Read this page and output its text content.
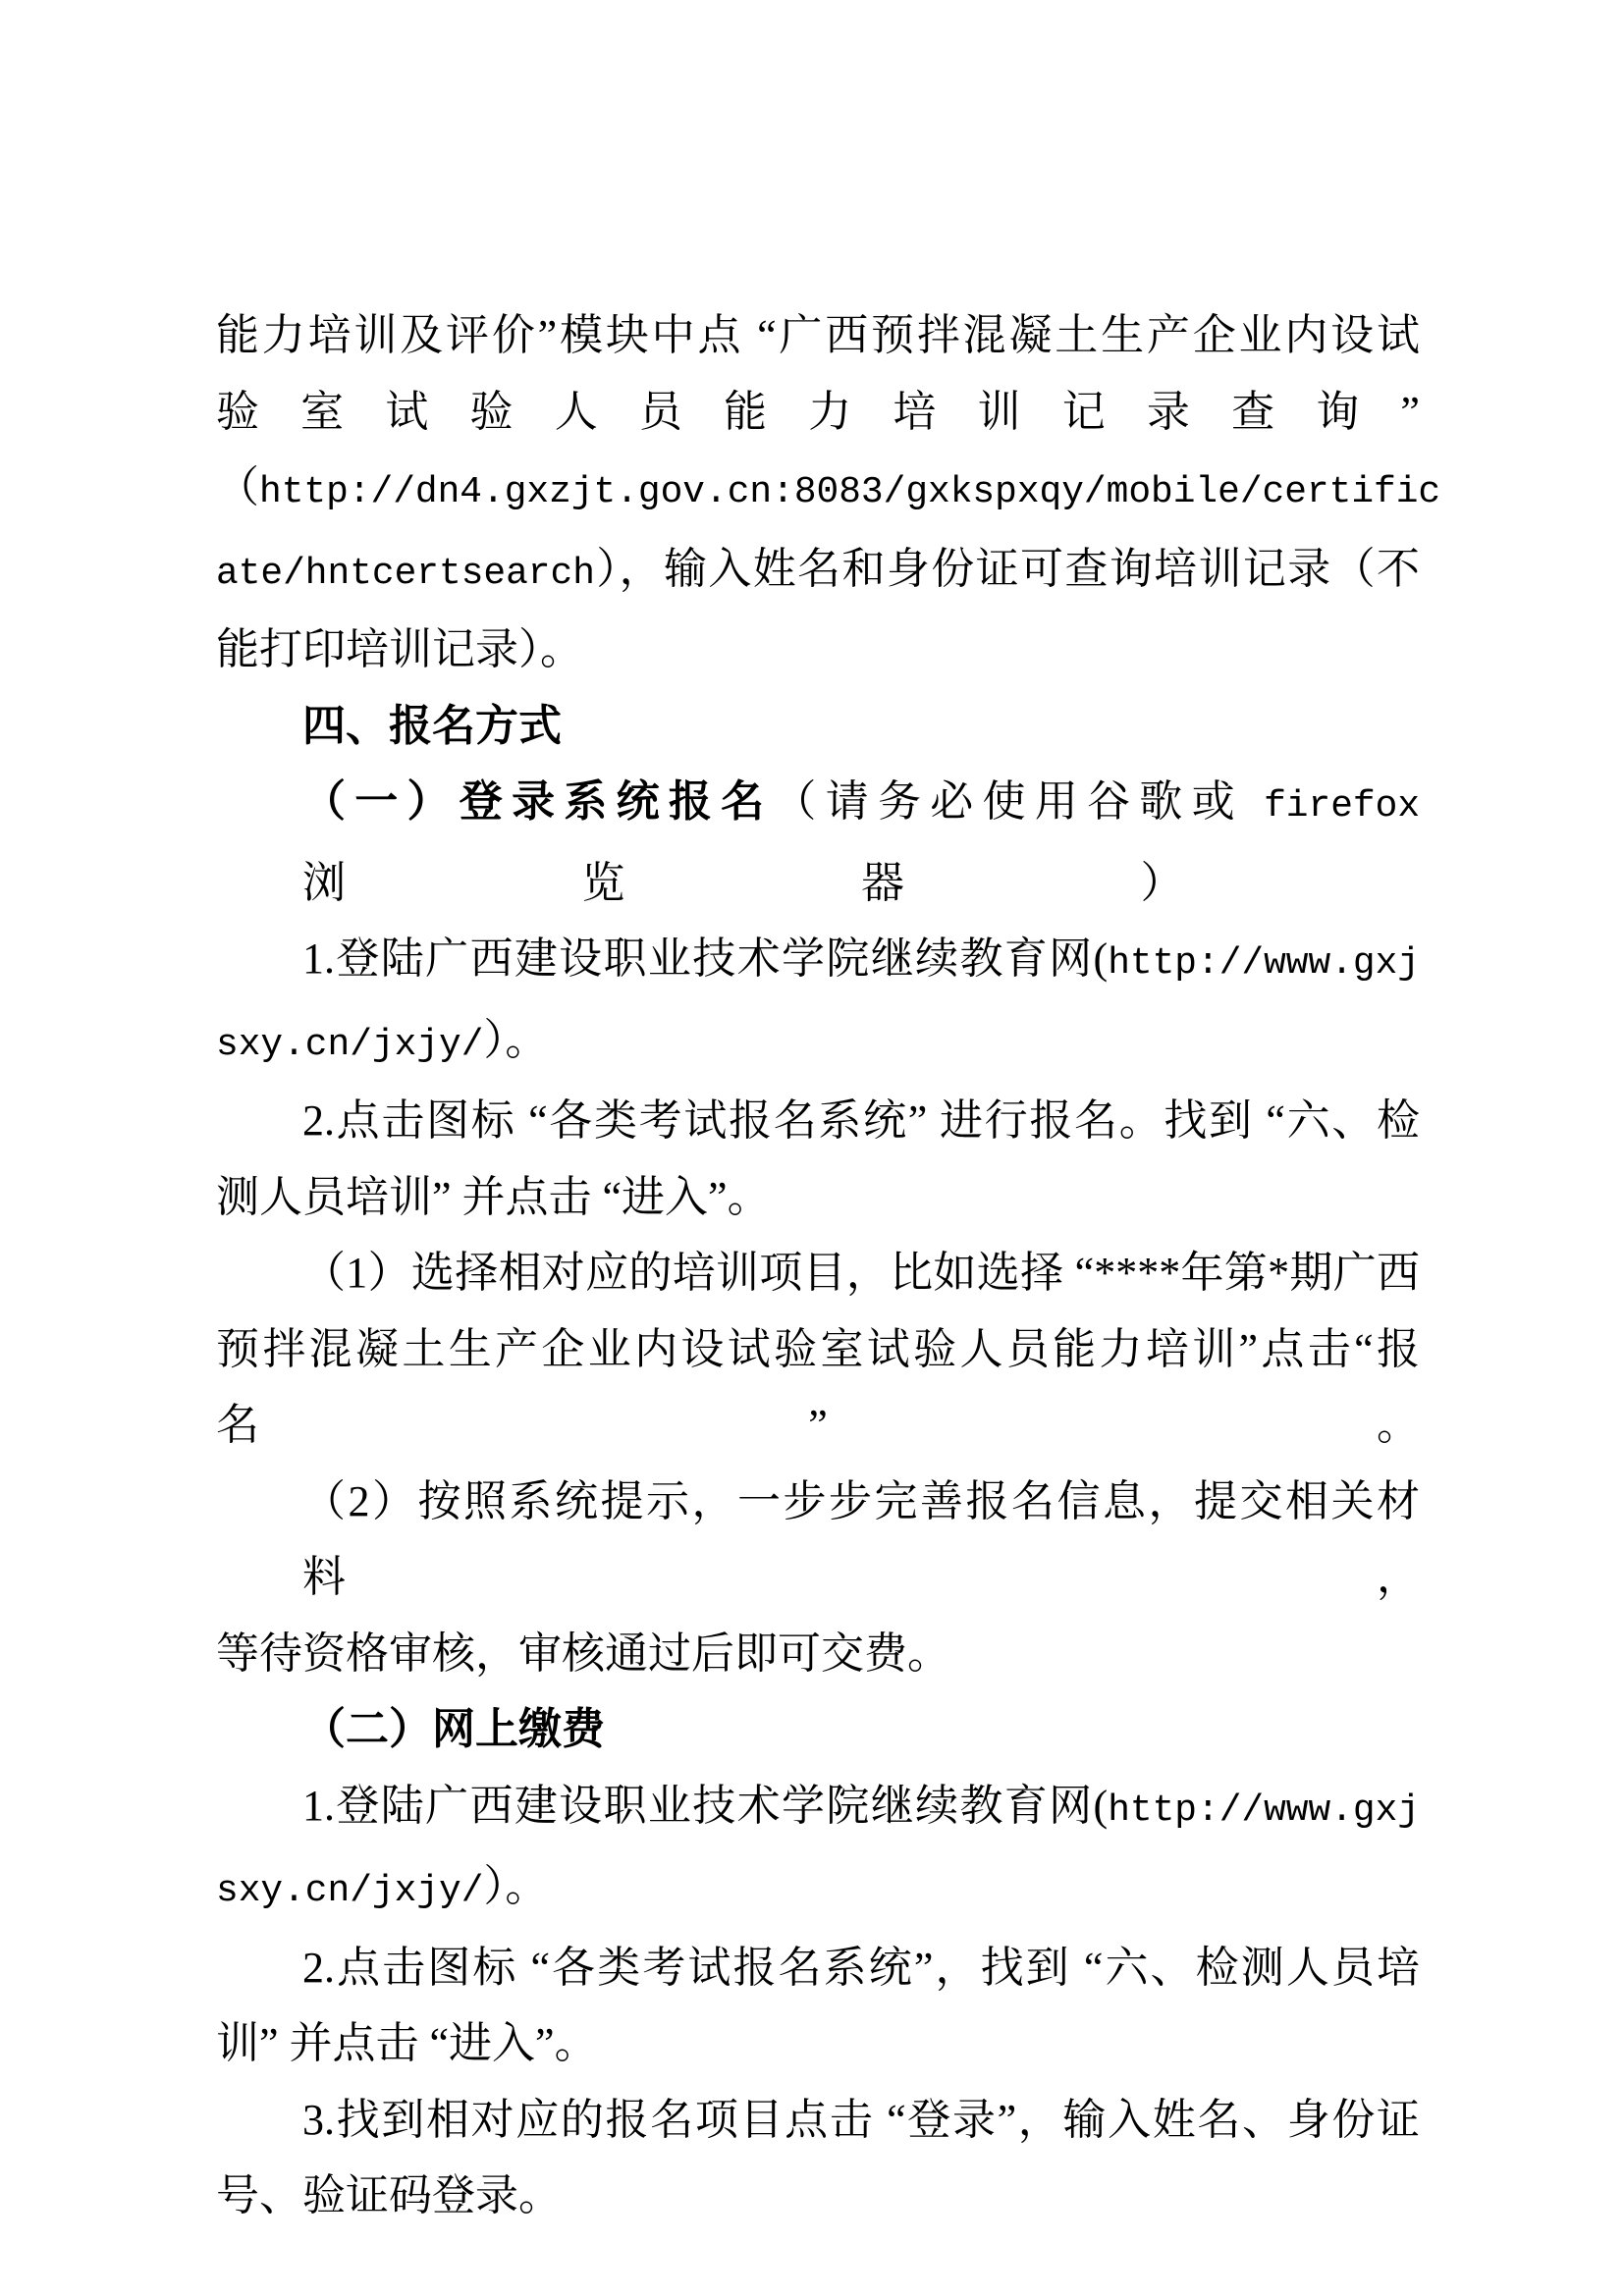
能力培训及评价”模块中点 “广西预拌混凝土生产企业内设试
验 室 试 验 人 员 能 力 培 训 记 录 查 询 ”
（http://dn4.gxzjt.gov.cn:8083/gxkspxqy/mobile/certific
ate/hntcertsearch），输入姓名和身份证可查询培训记录（不
能打印培训记录）。
四、报名方式
（一）登录系统报名（请务必使用谷歌或 firefox 浏览器）
1.登陆广西建设职业技术学院继续教育网(http://www.gxj
sxy.cn/jxjy/）。
2.点击图标 “各类考试报名系统” 进行报名。找到 “六、检
测人员培训” 并点击 “进入”。
（1）选择相对应的培训项目，比如选择 “****年第*期广西
预拌混凝土生产企业内设试验室试验人员能力培训”点击“报名”。
（2）按照系统提示，一步步完善报名信息，提交相关材料，
等待资格审核，审核通过后即可交费。
（二）网上缴费
1.登陆广西建设职业技术学院继续教育网(http://www.gxj
sxy.cn/jxjy/）。
2.点击图标 “各类考试报名系统”，找到 “六、检测人员培
训” 并点击 “进入”。
3.找到相对应的报名项目点击 “登录”，输入姓名、身份证
号、验证码登录。
